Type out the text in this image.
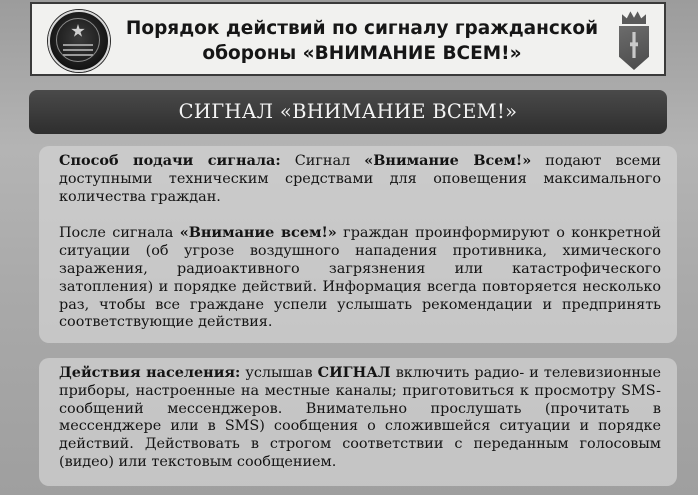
Порядок действий по сигналу гражданской
обороны «ВНИМАНИЕ ВСЕМ!»
СИГНАЛ «ВНИМАНИЕ ВСЕМ!»

Способ подачи сигнала: Сигнал «Внимание Всем!» подают всеми доступными техническим средствами для оповещения максимального количества граждан.

После сигнала «Внимание всем!» граждан проинформируют о конкретной ситуации (об угрозе воздушного нападения противника, химического заражения, радиоактивного загрязнения или катастрофического затопления) и порядке действий. Информация всегда повторяется несколько раз, чтобы все граждане успели услышать рекомендации и предпринять соответствующие действия.

Действия населения: услышав СИГНАЛ включить радио- и телевизионные приборы, настроенные на местные каналы; приготовиться к просмотру SMS-сообщений мессенджеров. Внимательно прослушать (прочитать в мессенджере или в SMS) сообщения о сложившейся ситуации и порядке действий. Действовать в строгом соответствии с переданным голосовым (видео) или текстовым сообщением.
